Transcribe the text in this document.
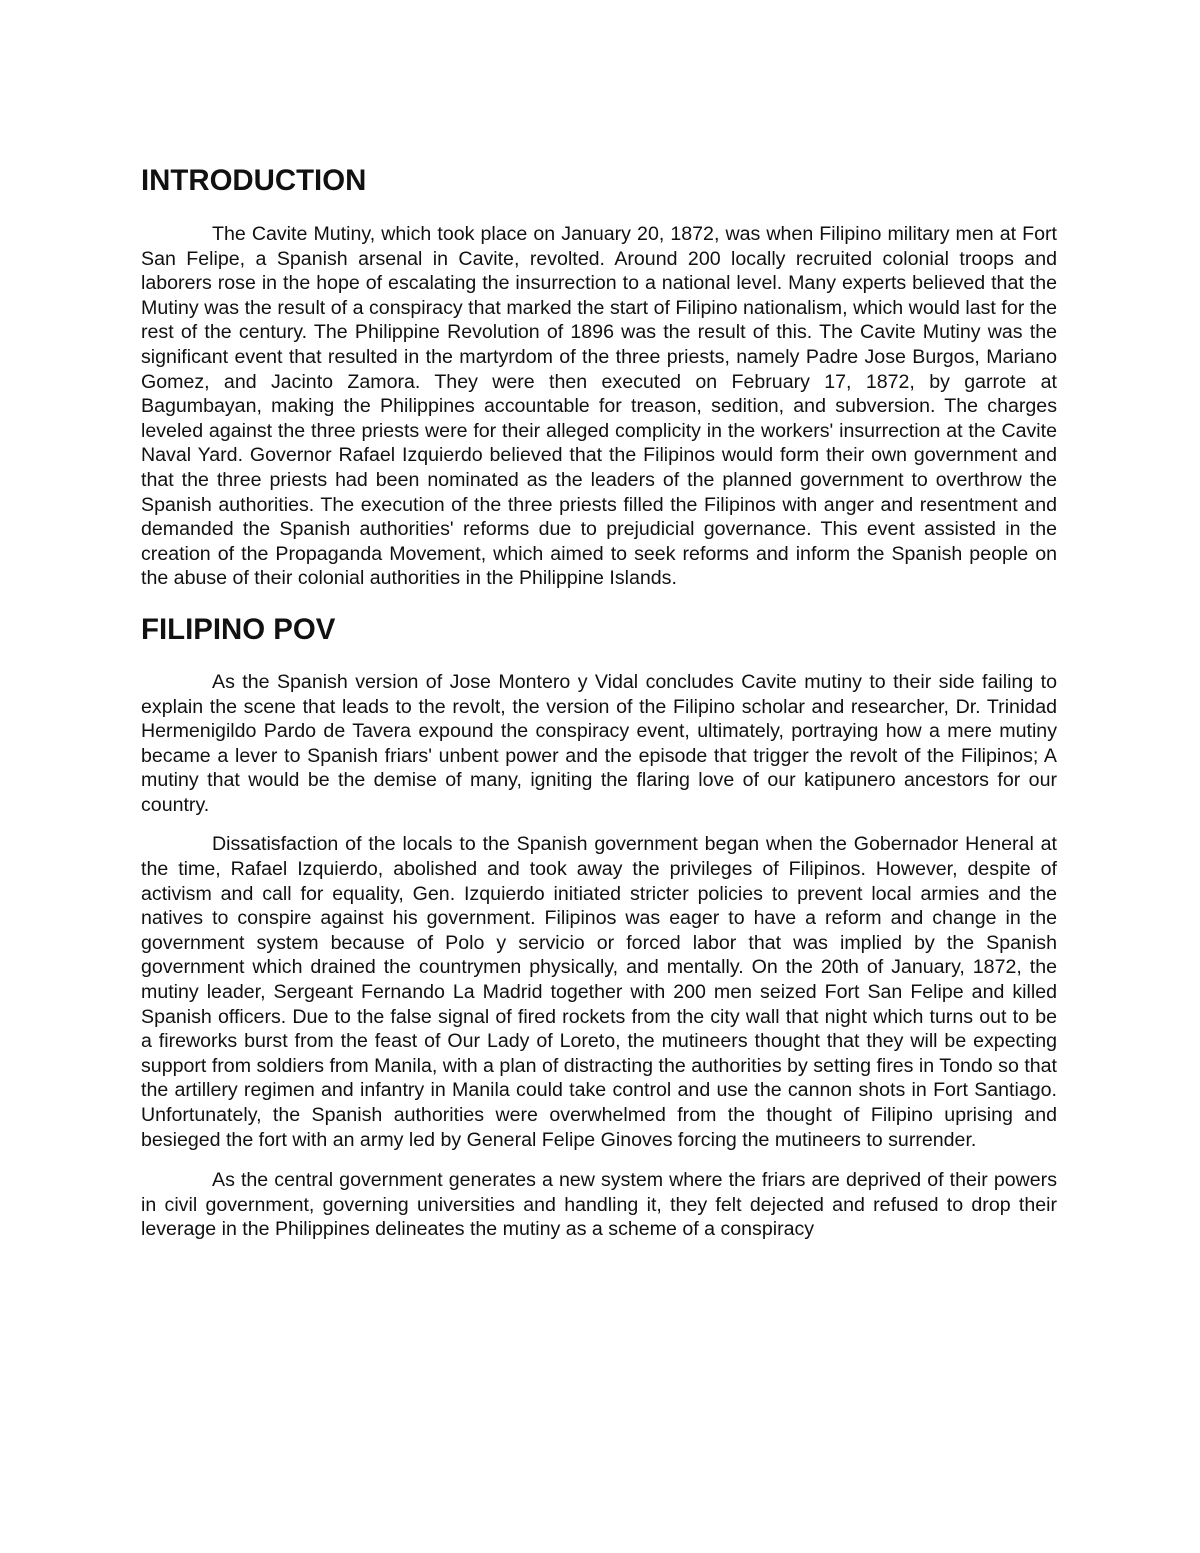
INTRODUCTION

The Cavite Mutiny, which took place on January 20, 1872, was when Filipino military men at Fort San Felipe, a Spanish arsenal in Cavite, revolted. Around 200 locally recruited colonial troops and laborers rose in the hope of escalating the insurrection to a national level. Many experts believed that the Mutiny was the result of a conspiracy that marked the start of Filipino nationalism, which would last for the rest of the century. The Philippine Revolution of 1896 was the result of this. The Cavite Mutiny was the significant event that resulted in the martyrdom of the three priests, namely Padre Jose Burgos, Mariano Gomez, and Jacinto Zamora. They were then executed on February 17, 1872, by garrote at Bagumbayan, making the Philippines accountable for treason, sedition, and subversion. The charges leveled against the three priests were for their alleged complicity in the workers' insurrection at the Cavite Naval Yard. Governor Rafael Izquierdo believed that the Filipinos would form their own government and that the three priests had been nominated as the leaders of the planned government to overthrow the Spanish authorities. The execution of the three priests filled the Filipinos with anger and resentment and demanded the Spanish authorities' reforms due to prejudicial governance. This event assisted in the creation of the Propaganda Movement, which aimed to seek reforms and inform the Spanish people on the abuse of their colonial authorities in the Philippine Islands.

FILIPINO POV

As the Spanish version of Jose Montero y Vidal concludes Cavite mutiny to their side failing to explain the scene that leads to the revolt, the version of the Filipino scholar and researcher, Dr. Trinidad Hermenigildo Pardo de Tavera expound the conspiracy event, ultimately, portraying how a mere mutiny became a lever to Spanish friars' unbent power and the episode that trigger the revolt of the Filipinos; A mutiny that would be the demise of many, igniting the flaring love of our katipunero ancestors for our country.

Dissatisfaction of the locals to the Spanish government began when the Gobernador Heneral at the time, Rafael Izquierdo, abolished and took away the privileges of Filipinos. However, despite of activism and call for equality, Gen. Izquierdo initiated stricter policies to prevent local armies and the natives to conspire against his government. Filipinos was eager to have a reform and change in the government system because of Polo y servicio or forced labor that was implied by the Spanish government which drained the countrymen physically, and mentally. On the 20th of January, 1872, the mutiny leader, Sergeant Fernando La Madrid together with 200 men seized Fort San Felipe and killed Spanish officers. Due to the false signal of fired rockets from the city wall that night which turns out to be a fireworks burst from the feast of Our Lady of Loreto, the mutineers thought that they will be expecting support from soldiers from Manila, with a plan of distracting the authorities by setting fires in Tondo so that the artillery regimen and infantry in Manila could take control and use the cannon shots in Fort Santiago. Unfortunately, the Spanish authorities were overwhelmed from the thought of Filipino uprising and besieged the fort with an army led by General Felipe Ginoves forcing the mutineers to surrender.

As the central government generates a new system where the friars are deprived of their powers in civil government, governing universities and handling it, they felt dejected and refused to drop their leverage in the Philippines delineates the mutiny as a scheme of a conspiracy
